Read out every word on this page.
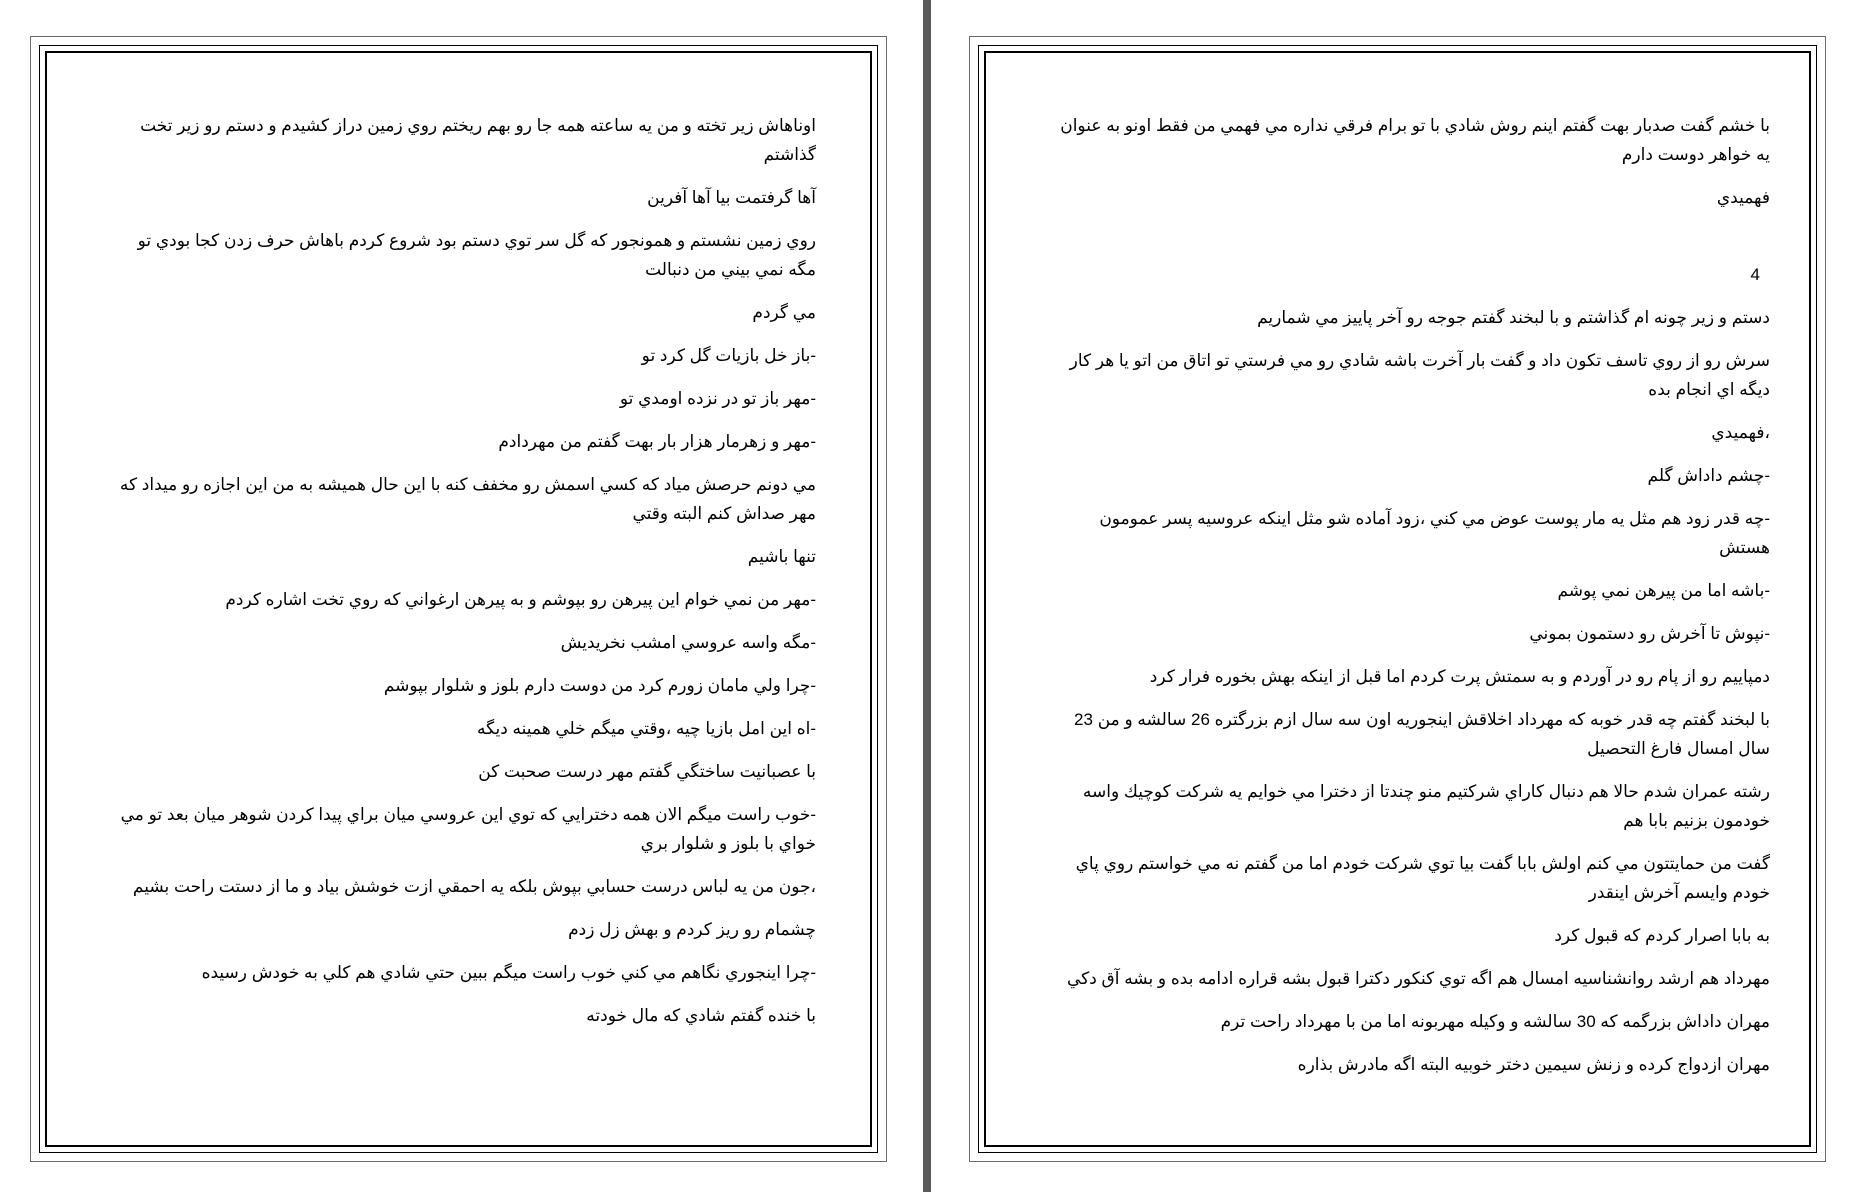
اوناهاش زير تخته و من يه ساعته همه جا رو بهم ريختم روي زمين دراز كشيدم و دستم رو زير تخت گذاشتم

آها گرفتمت بيا آها آفرين

روي زمين نشستم و همونجور كه گل سر توي دستم بود شروع كردم باهاش حرف زدن كجا بودي تو مگه نمي بيني من دنبالت

مي گردم

-باز خل بازيات گل كرد تو

-مهر باز تو در نزده اومدي تو

-مهر و زهرمار هزار بار بهت گفتم من مهردادم

مي دونم حرصش مياد كه كسي اسمش رو مخفف كنه با اين حال هميشه به من اين اجازه رو ميداد كه مهر صداش كنم البته وقتي

تنها باشيم

-مهر من نمي خوام اين پيرهن رو بپوشم و به پيرهن ارغواني كه روي تخت اشاره كردم

-مگه واسه عروسي امشب نخريديش

-چرا ولي مامان زورم كرد من دوست دارم بلوز و شلوار بپوشم

-اه اين امل بازيا چيه ،وقتي ميگم خلي همينه ديگه

با عصبانيت ساختگي گفتم مهر درست صحبت كن

-خوب راست ميگم الان همه دخترايي كه توي اين عروسي ميان براي پيدا كردن شوهر ميان بعد تو مي خواي با بلوز و شلوار بري

،جون من يه لباس درست حسابي بپوش بلكه يه احمقي ازت خوشش بياد و ما از دستت راحت بشيم

چشمام رو ريز كردم و بهش زل زدم

-چرا اينجوري نگاهم مي كني خوب راست ميگم ببين حتي شادي هم كلي به خودش رسيده

با خنده گفتم شادي كه مال خودته

با خشم گفت صدبار بهت گفتم اينم روش شادي با تو برام فرقي نداره مي فهمي من فقط اونو به عنوان يه خواهر دوست دارم

فهميدي

4

دستم و زير چونه ام گذاشتم و با لبخند گفتم جوجه رو آخر پاييز مي شماريم

سرش رو از روي تاسف تكون داد و گفت بار آخرت باشه شادي رو مي فرستي تو اتاق من اتو يا هر كار ديگه اي انجام بده

،فهميدي

-چشم داداش گلم

-چه قدر زود هم مثل يه مار پوست عوض مي كني ،زود آماده شو مثل اينكه عروسيه پسر عمومون هستش

-باشه اما من پيرهن نمي پوشم

-نپوش تا آخرش رو دستمون بموني

دمپاييم رو از پام رو در آوردم و به سمتش پرت كردم اما قبل از اينكه بهش بخوره فرار كرد

با لبخند گفتم چه قدر خوبه كه مهرداد اخلاقش اينجوريه اون سه سال ازم بزرگتره 26 سالشه و من 23 سال امسال فارغ التحصيل

رشته عمران شدم حالا هم دنبال كاراي شركتيم منو چندتا از دخترا مي خوايم يه شركت كوچيك واسه خودمون بزنيم بابا هم

گفت من حمايتتون مي كنم اولش بابا گفت بيا توي شركت خودم اما من گفتم نه مي خواستم روي پاي خودم وايسم آخرش اينقدر

به بابا اصرار كردم كه قبول كرد

مهرداد هم ارشد روانشناسيه امسال هم اگه توي كنكور دكترا قبول بشه قراره ادامه بده و بشه آق دكي

مهران داداش بزرگمه كه 30 سالشه و وكيله مهربونه اما من با مهرداد راحت ترم

مهران ازدواج كرده و زنش سيمين دختر خوبيه البته اگه مادرش بذاره
